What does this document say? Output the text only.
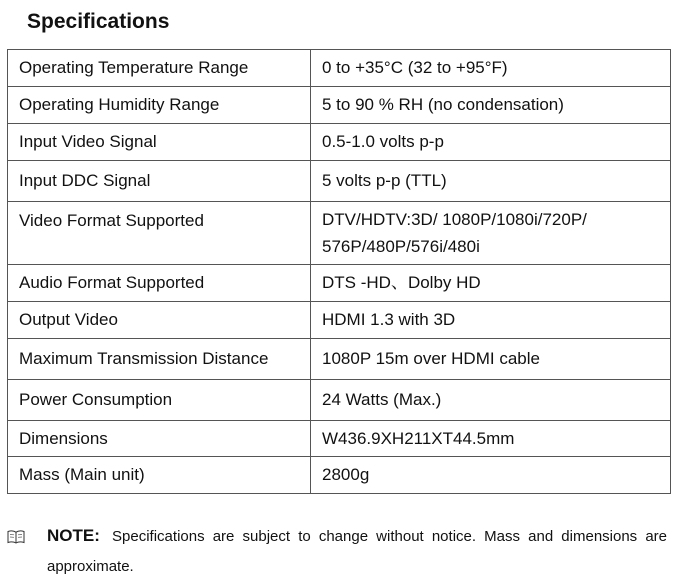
Specifications
Operating Temperature Range	0 to +35°C (32 to +95°F)
Operating Humidity Range	5 to 90 % RH (no condensation)
Input Video Signal	0.5-1.0 volts p-p
Input DDC Signal	5 volts p-p (TTL)
Video Format Supported	DTV/HDTV:3D/ 1080P/1080i/720P/ 576P/480P/576i/480i
Audio Format Supported	DTS -HD、Dolby HD
Output Video	HDMI 1.3 with 3D
Maximum Transmission Distance	1080P 15m over HDMI cable
Power Consumption	24 Watts (Max.)
Dimensions	W436.9XH211XT44.5mm
Mass (Main unit)	2800g
NOTE: Specifications are subject to change without notice. Mass and dimensions are approximate.
